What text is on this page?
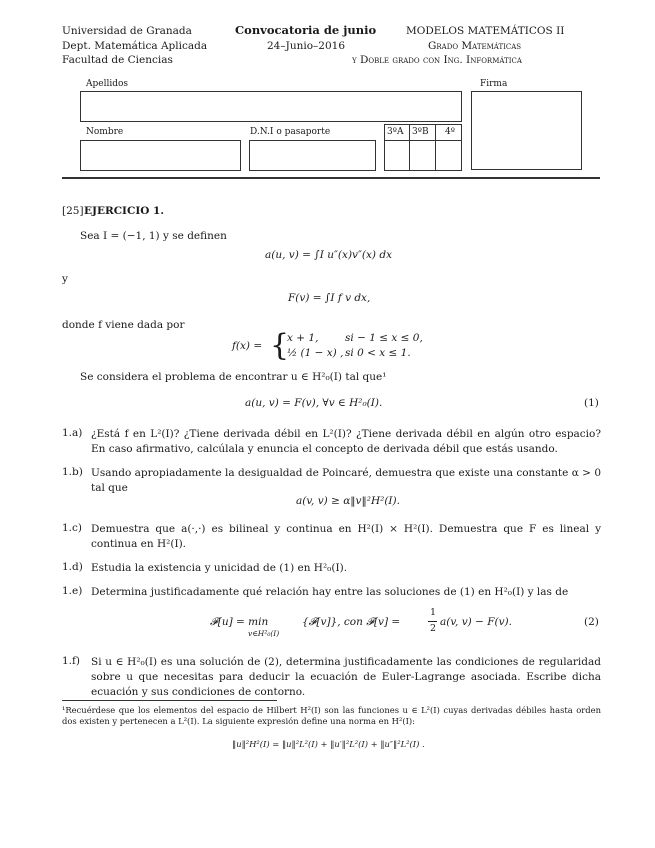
Universidad de Granada
Dept. Matemática Aplicada
Facultad de Ciencias
Convocatoria de junio
24–Junio–2016
MODELOS MATEMÁTICOS II
Grado Matemáticas
y Doble grado con Ing. Informática
Apellidos	Firma
Nombre	D.N.I o pasaporte	3ºA 3ºB 4º
[25] EJERCICIO 1.
Sea I = (−1, 1) y se definen
a(u, v) = ∫I u″(x)v″(x) dx
y
F(v) = ∫I f v dx,
donde f viene dada por
f(x) = {
x + 1,	si − 1 ≤ x ≤ 0,
½ (1 − x) , si 0 < x ≤ 1.
Se considera el problema de encontrar u ∈ H²₀(I) tal que¹
a(u, v) = F(v), ∀v ∈ H²₀(I).	(1)
1.a) ¿Está f en L²(I)? ¿Tiene derivada débil en L²(I)? ¿Tiene derivada débil en algún otro espacio? En caso afirmativo, calcúlala y enuncia el concepto de derivada débil que estás usando.
1.b) Usando apropiadamente la desigualdad de Poincaré, demuestra que existe una constante α > 0 tal que
a(v, v) ≥ α‖v‖²H²(I).
1.c) Demuestra que a(·,·) es bilineal y continua en H²(I) × H²(I). Demuestra que F es lineal y continua en H²(I).
1.d) Estudia la existencia y unicidad de (1) en H²₀(I).
1.e) Determina justificadamente qué relación hay entre las soluciones de (1) en H²₀(I) y las de
𝓕[u] = min
v∈H²₀(I)
{𝓕[v]}, con 𝓕[v] =
1
2
a(v, v) − F(v).	(2)
1.f) Si u ∈ H²₀(I) es una solución de (2), determina justificadamente las condiciones de regularidad sobre u que necesitas para deducir la ecuación de Euler-Lagrange asociada. Escribe dicha ecuación y sus condiciones de contorno.
¹Recuérdese que los elementos del espacio de Hilbert H²(I) son las funciones u ∈ L²(I) cuyas derivadas débiles hasta orden dos existen y pertenecen a L²(I). La siguiente expresión define una norma en H²(I):
‖u‖²H²(I) = ‖u‖²L²(I) + ‖u′‖²L²(I) + ‖u″‖²L²(I) .
